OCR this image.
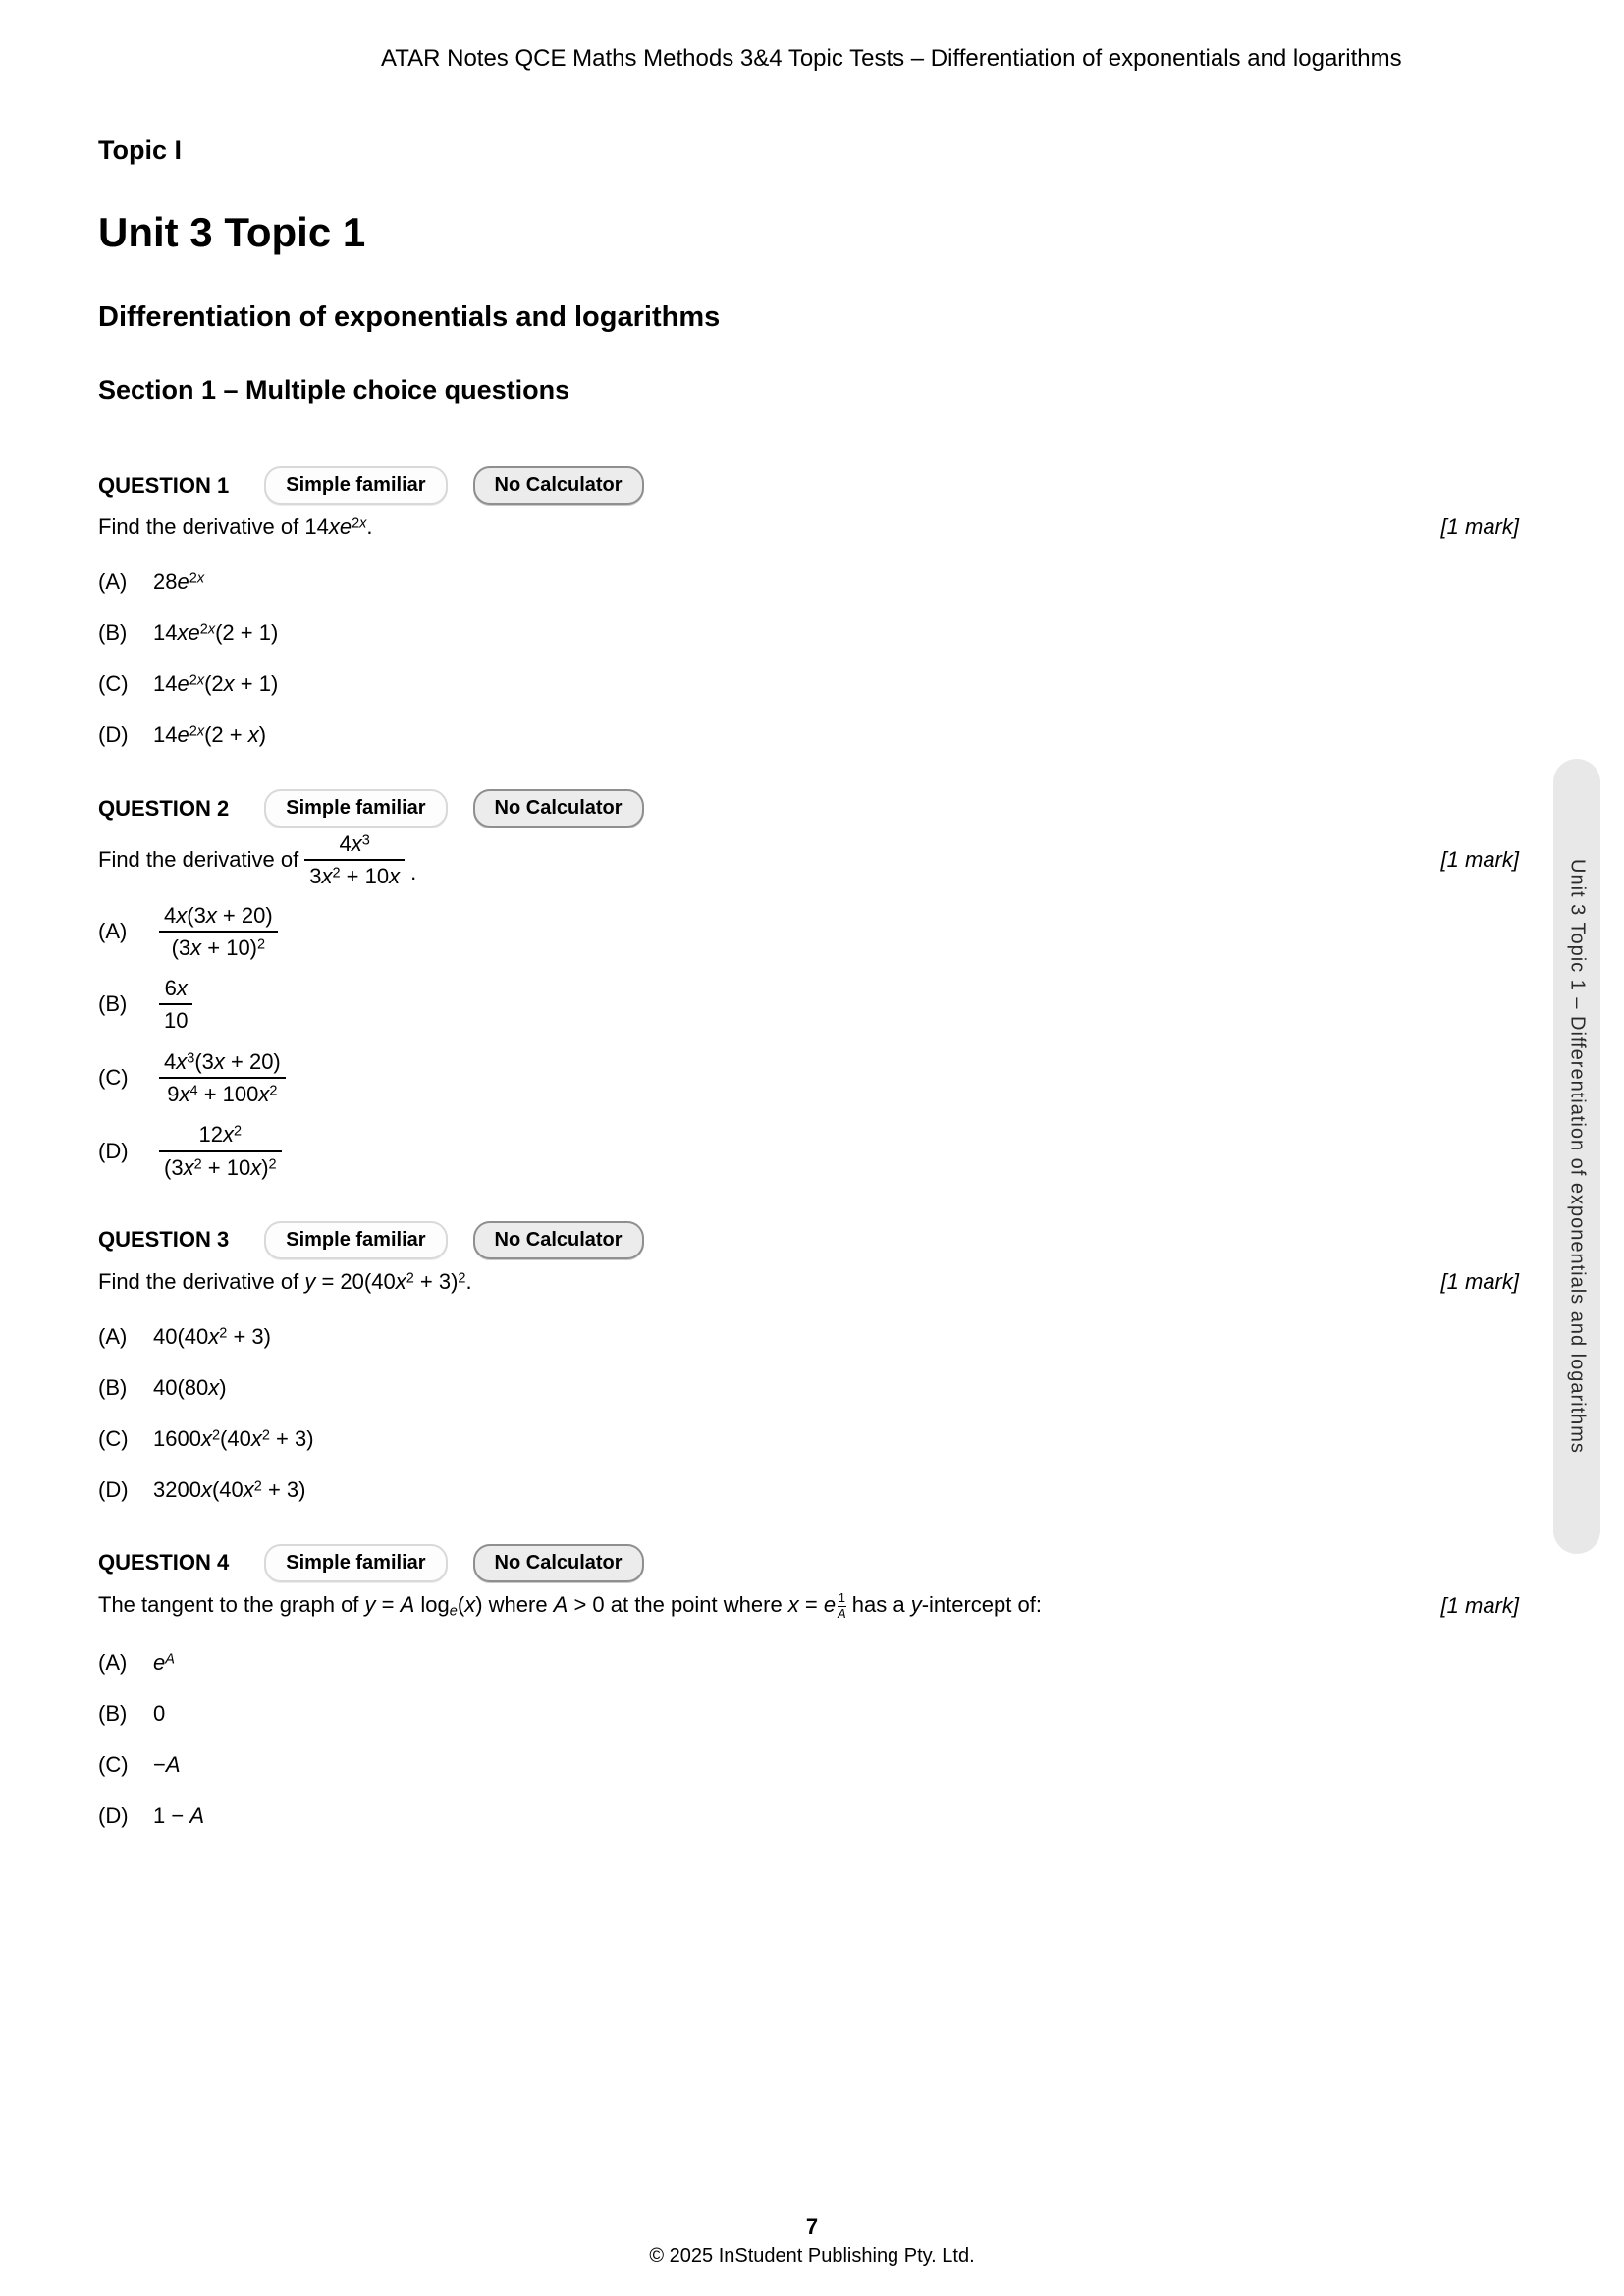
ATAR Notes QCE Maths Methods 3&4 Topic Tests – Differentiation of exponentials and logarithms

Topic I

Unit 3 Topic 1
Differentiation of exponentials and logarithms
Section 1 – Multiple choice questions
QUESTION 1	Simple familiar	No Calculator
Find the derivative of $14xe^{2x}$.	[1 mark]
(A)	$28e^{2x}$
(B)	$14xe^{2x}(2 + 1)$
(C)	$14e^{2x}(2x + 1)$
(D)	$14e^{2x}(2 + x)$
QUESTION 2	Simple familiar	No Calculator
Find the derivative of $\frac{4x^3}{3x^2 + 10x}$ .	[1 mark]
(A)	$\frac{4x(3x + 20)}{(3x + 10)^2}$
(B)	$\frac{6x}{10}$
(C)	$\frac{4x^3(3x + 20)}{9x^4 + 100x^2}$
(D)	$\frac{12x^2}{(3x^2 + 10x)^2}$
QUESTION 3	Simple familiar	No Calculator
Find the derivative of $y = 20(40x^2 + 3)^2$.	[1 mark]
(A)	$40(40x^2 + 3)$
(B)	40(80x)
(C)	$1600x^2(40x^2 + 3)$
(D)	$3200x(40x^2 + 3)$
QUESTION 4	Simple familiar	No Calculator
The tangent to the graph of y = A $\log_e(x)$ where A > 0 at the point where x = e $\frac{1}{A}$ has a y-intercept of:	[1 mark]
(A)	$e^A$
(B)	0
(C)	−A
(D)	1 − A
Unit 3 Topic 1 – Differentiation of exponentials and logarithms
7
© 2025 InStudent Publishing Pty. Ltd.
